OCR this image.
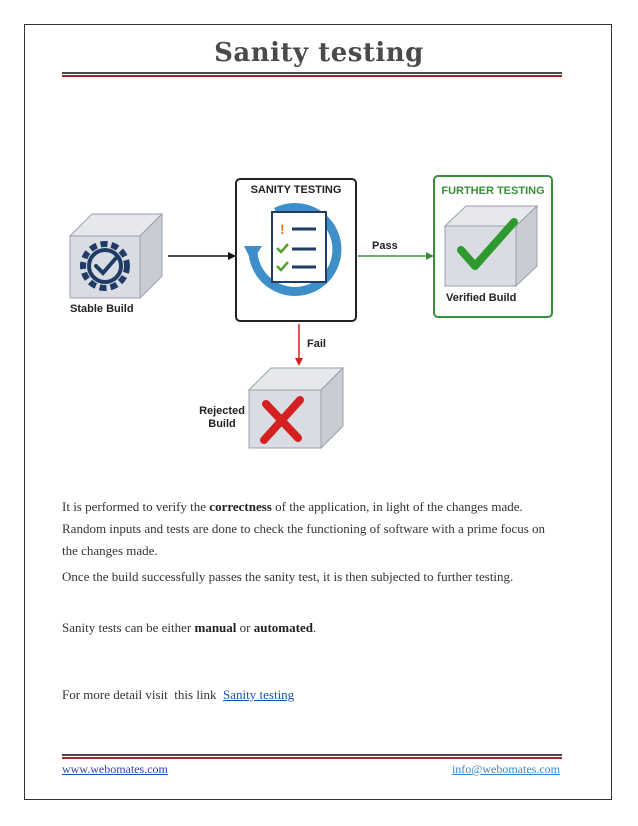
Sanity testing
Stable Build
SANITY TESTING
!
Pass
FURTHER TESTING
Verified Build
Fail
Rejected
Build
It is performed to verify the correctness of the application, in light of the changes made. Random inputs and tests are done to check the functioning of software with a prime focus on the changes made.
Once the build successfully passes the sanity test, it is then subjected to further testing.
Sanity tests can be either manual or automated.
For more detail visit  this link  Sanity testing
www.webomates.com	info@webomates.com
